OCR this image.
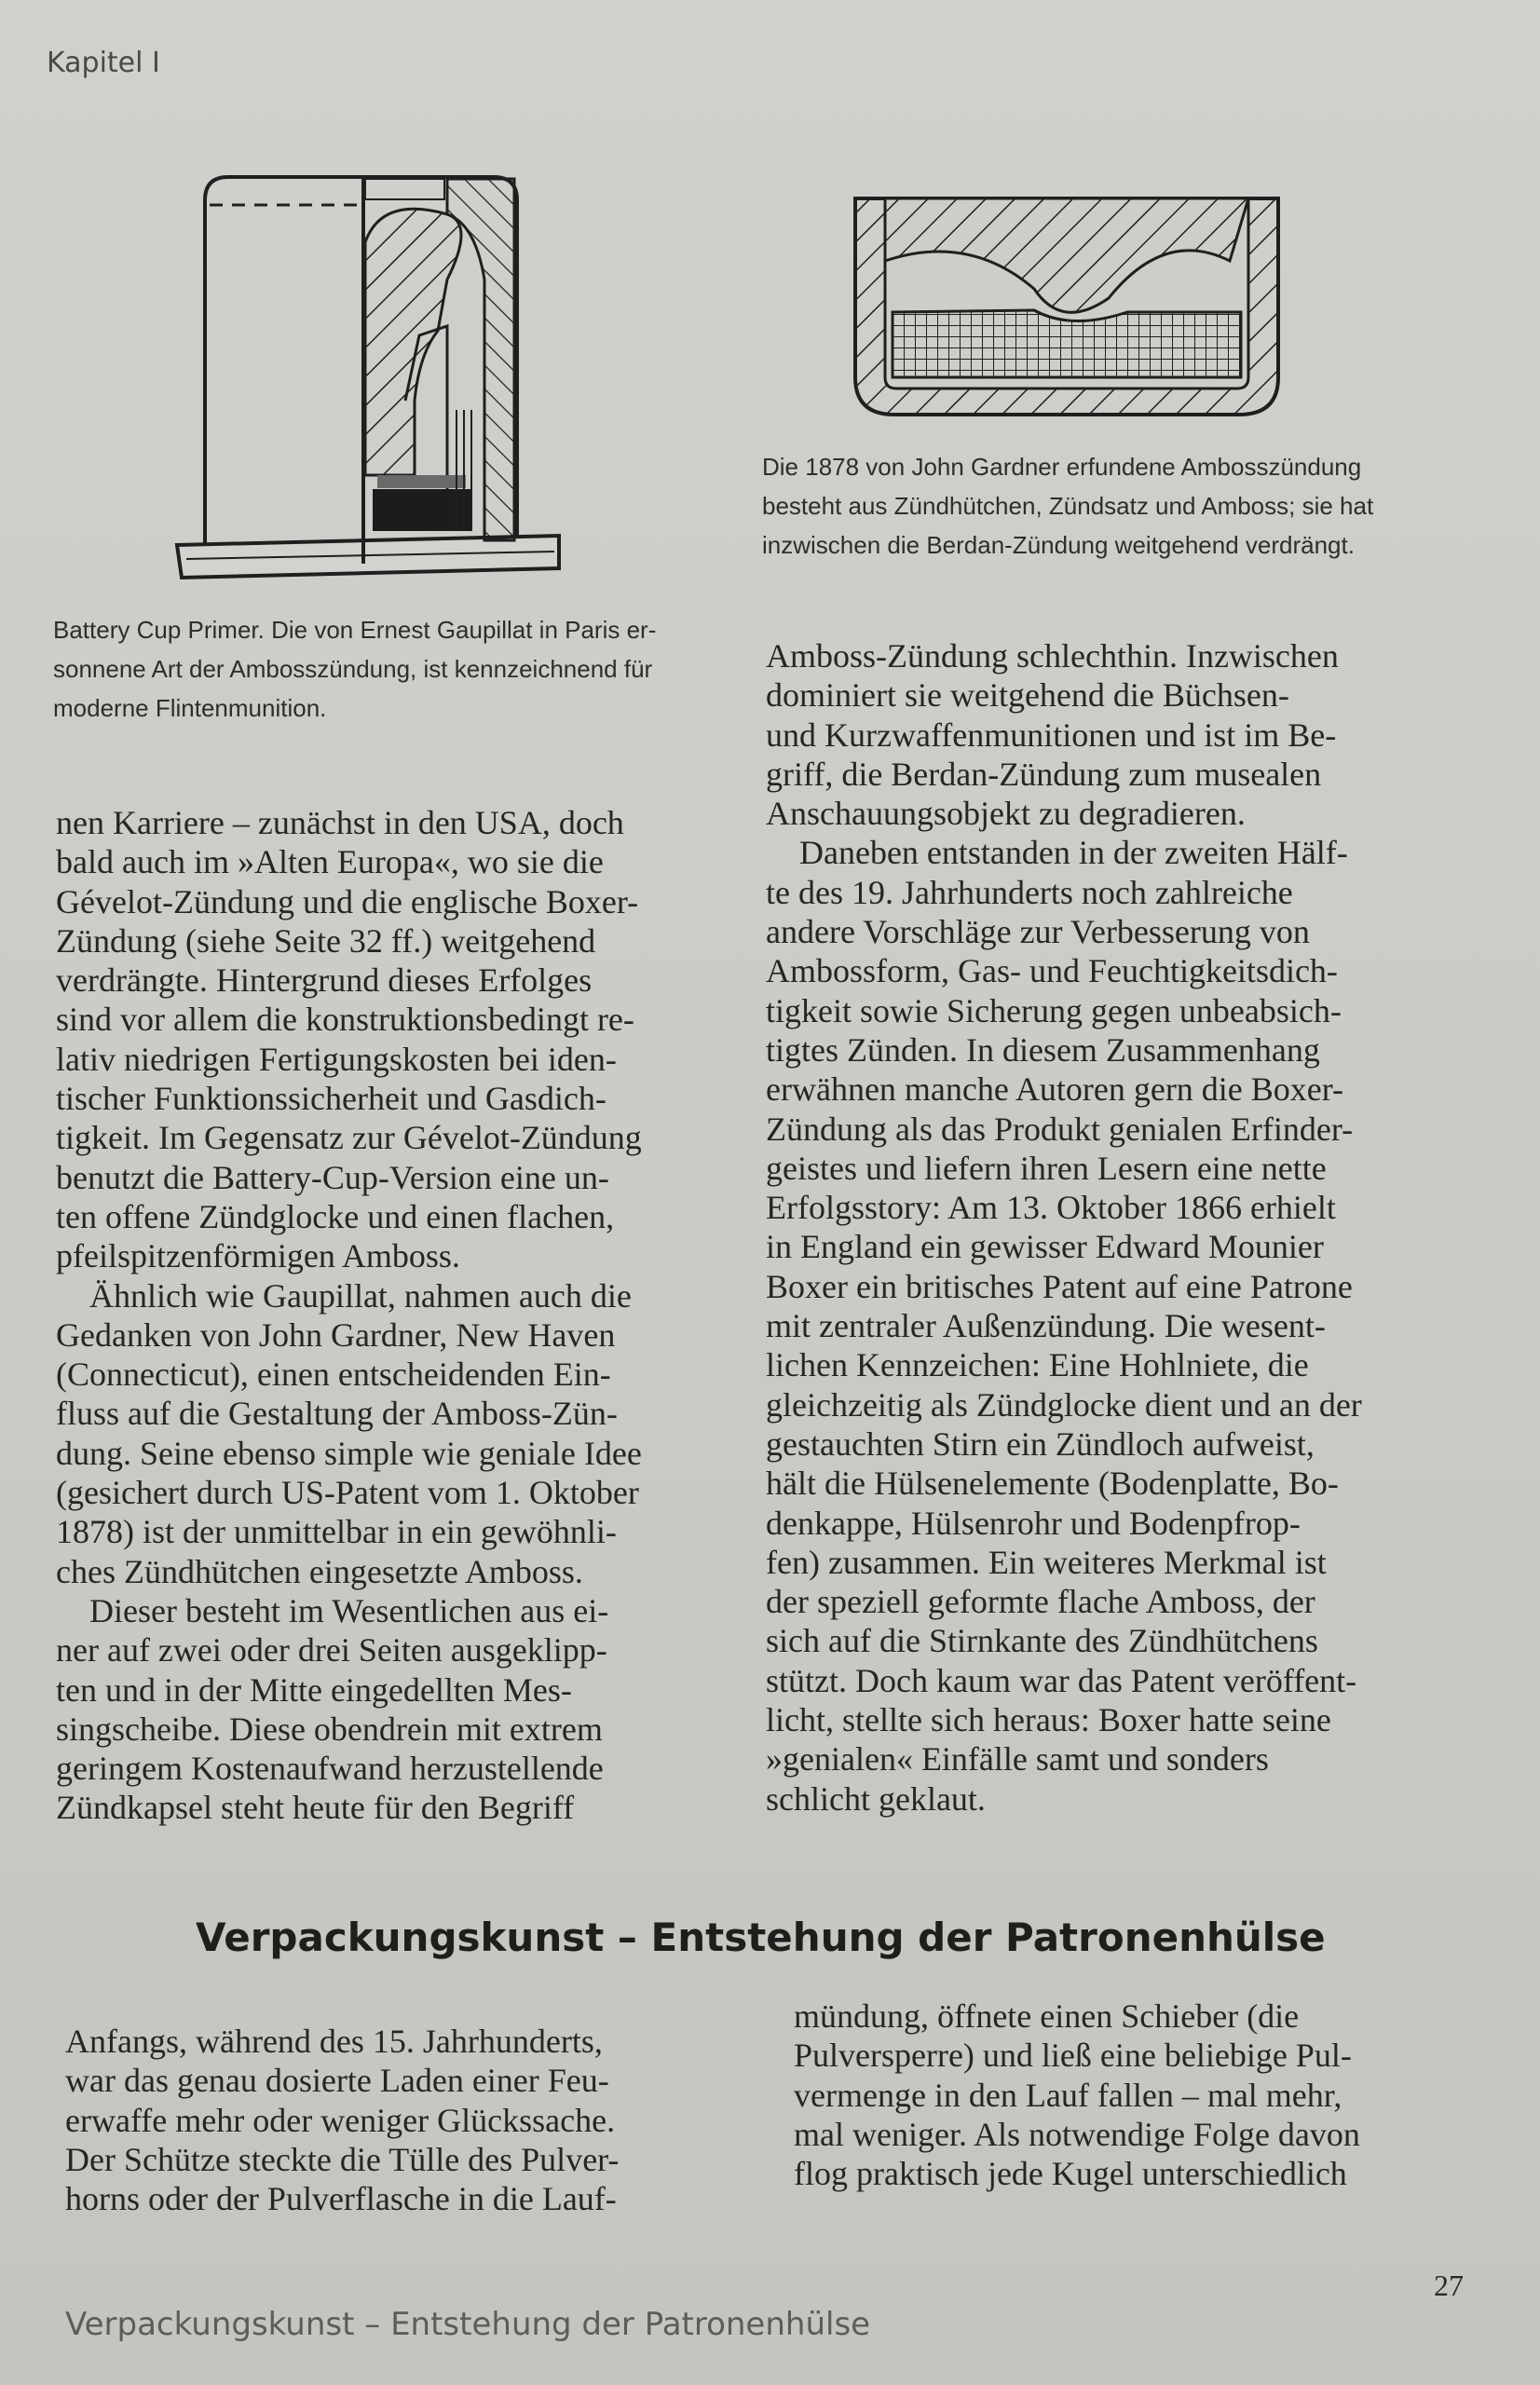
Kapitel I
Battery Cup Primer. Die von Ernest Gaupillat in Paris er-
sonnene Art der Ambosszündung, ist kennzeichnend für
moderne Flintenmunition.
Die 1878 von John Gardner erfundene Ambosszündung
besteht aus Zündhütchen, Zündsatz und Amboss; sie hat
inzwischen die Berdan-Zündung weitgehend verdrängt.

nen Karriere – zunächst in den USA, doch
bald auch im »Alten Europa«, wo sie die
Gévelot-Zündung und die englische Boxer-
Zündung (siehe Seite 32 ff.) weitgehend
verdrängte. Hintergrund dieses Erfolges
sind vor allem die konstruktionsbedingt re-
lativ niedrigen Fertigungskosten bei iden-
tischer Funktionssicherheit und Gasdich-
tigkeit. Im Gegensatz zur Gévelot-Zündung
benutzt die Battery-Cup-Version eine un-
ten offene Zündglocke und einen flachen,
pfeilspitzenförmigen Amboss.

Ähnlich wie Gaupillat, nahmen auch die

Gedanken von John Gardner, New Haven
(Connecticut), einen entscheidenden Ein-
fluss auf die Gestaltung der Amboss-Zün-
dung. Seine ebenso simple wie geniale Idee
(gesichert durch US-Patent vom 1. Oktober
1878) ist der unmittelbar in ein gewöhnli-
ches Zündhütchen eingesetzte Amboss.

Dieser besteht im Wesentlichen aus ei-

ner auf zwei oder drei Seiten ausgeklipp-
ten und in der Mitte eingedellten Mes-
singscheibe. Diese obendrein mit extrem
geringem Kostenaufwand herzustellende
Zündkapsel steht heute für den Begriff

Amboss-Zündung schlechthin. Inzwischen
dominiert sie weitgehend die Büchsen-
und Kurzwaffenmunitionen und ist im Be-
griff, die Berdan-Zündung zum musealen
Anschauungsobjekt zu degradieren.

Daneben entstanden in der zweiten Hälf-

te des 19. Jahrhunderts noch zahlreiche
andere Vorschläge zur Verbesserung von
Ambossform, Gas- und Feuchtigkeitsdich-
tigkeit sowie Sicherung gegen unbeabsich-
tigtes Zünden. In diesem Zusammenhang
erwähnen manche Autoren gern die Boxer-
Zündung als das Produkt genialen Erfinder-
geistes und liefern ihren Lesern eine nette
Erfolgsstory: Am 13. Oktober 1866 erhielt
in England ein gewisser Edward Mounier
Boxer ein britisches Patent auf eine Patrone
mit zentraler Außenzündung. Die wesent-
lichen Kennzeichen: Eine Hohlniete, die
gleichzeitig als Zündglocke dient und an der
gestauchten Stirn ein Zündloch aufweist,
hält die Hülsenelemente (Bodenplatte, Bo-
denkappe, Hülsenrohr und Bodenpfrop-
fen) zusammen. Ein weiteres Merkmal ist
der speziell geformte flache Amboss, der
sich auf die Stirnkante des Zündhütchens
stützt. Doch kaum war das Patent veröffent-
licht, stellte sich heraus: Boxer hatte seine
»genialen« Einfälle samt und sonders
schlicht geklaut.

Verpackungskunst – Entstehung der Patronenhülse

Anfangs, während des 15. Jahrhunderts,
war das genau dosierte Laden einer Feu-
erwaffe mehr oder weniger Glückssache.
Der Schütze steckte die Tülle des Pulver-
horns oder der Pulverflasche in die Lauf-

mündung, öffnete einen Schieber (die
Pulversperre) und ließ eine beliebige Pul-
vermenge in den Lauf fallen – mal mehr,
mal weniger. Als notwendige Folge davon
flog praktisch jede Kugel unterschiedlich

27
Verpackungskunst – Entstehung der Patronenhülse
